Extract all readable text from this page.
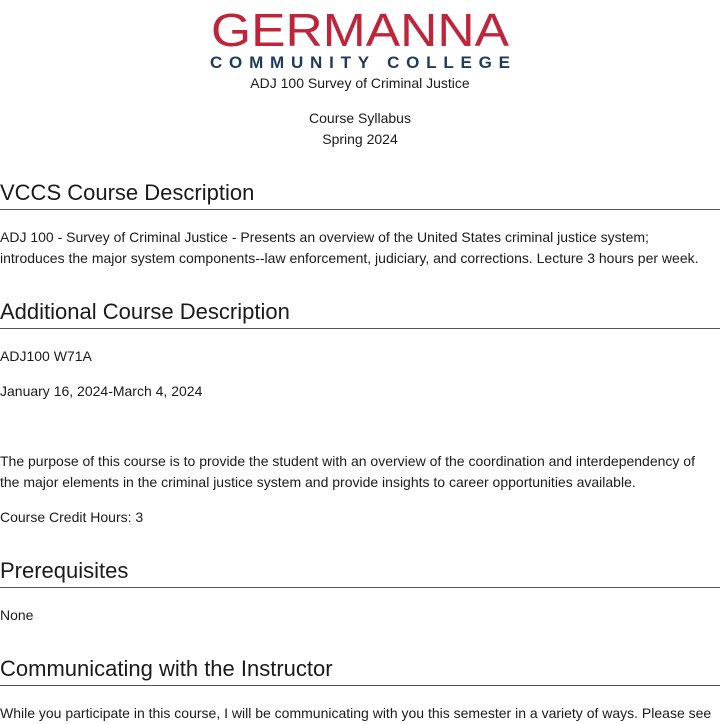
GERMANNA
COMMUNITY COLLEGE
ADJ 100 Survey of Criminal Justice
Course Syllabus
Spring 2024
VCCS Course Description

ADJ 100 - Survey of Criminal Justice - Presents an overview of the United States criminal justice system; introduces the major system components--law enforcement, judiciary, and corrections. Lecture 3 hours per week.

Additional Course Description

ADJ100 W71A

January 16, 2024-March 4, 2024

The purpose of this course is to provide the student with an overview of the coordination and interdependency of the major elements in the criminal justice system and provide insights to career opportunities available.

Course Credit Hours: 3

Prerequisites

None

Communicating with the Instructor

While you participate in this course, I will be communicating with you this semester in a variety of ways. Please see
